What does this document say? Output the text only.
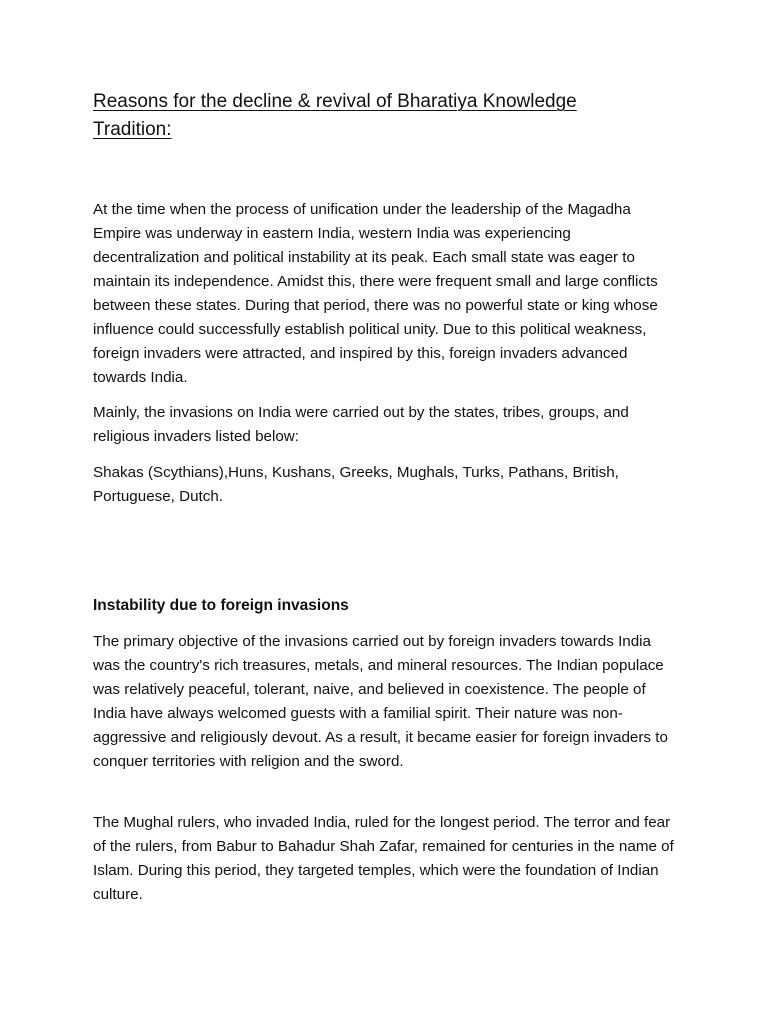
Reasons for the decline & revival of Bharatiya Knowledge Tradition:

At the time when the process of unification under the leadership of the Magadha Empire was underway in eastern India, western India was experiencing decentralization and political instability at its peak. Each small state was eager to maintain its independence. Amidst this, there were frequent small and large conflicts between these states. During that period, there was no powerful state or king whose influence could successfully establish political unity. Due to this political weakness, foreign invaders were attracted, and inspired by this, foreign invaders advanced towards India.

Mainly, the invasions on India were carried out by the states, tribes, groups, and religious invaders listed below:

Shakas (Scythians),Huns, Kushans, Greeks, Mughals, Turks, Pathans, British, Portuguese, Dutch.

Instability due to foreign invasions

The primary objective of the invasions carried out by foreign invaders towards India was the country's rich treasures, metals, and mineral resources. The Indian populace was relatively peaceful, tolerant, naive, and believed in coexistence. The people of India have always welcomed guests with a familial spirit. Their nature was non-aggressive and religiously devout. As a result, it became easier for foreign invaders to conquer territories with religion and the sword.

The Mughal rulers, who invaded India, ruled for the longest period. The terror and fear of the rulers, from Babur to Bahadur Shah Zafar, remained for centuries in the name of Islam. During this period, they targeted temples, which were the foundation of Indian culture.
